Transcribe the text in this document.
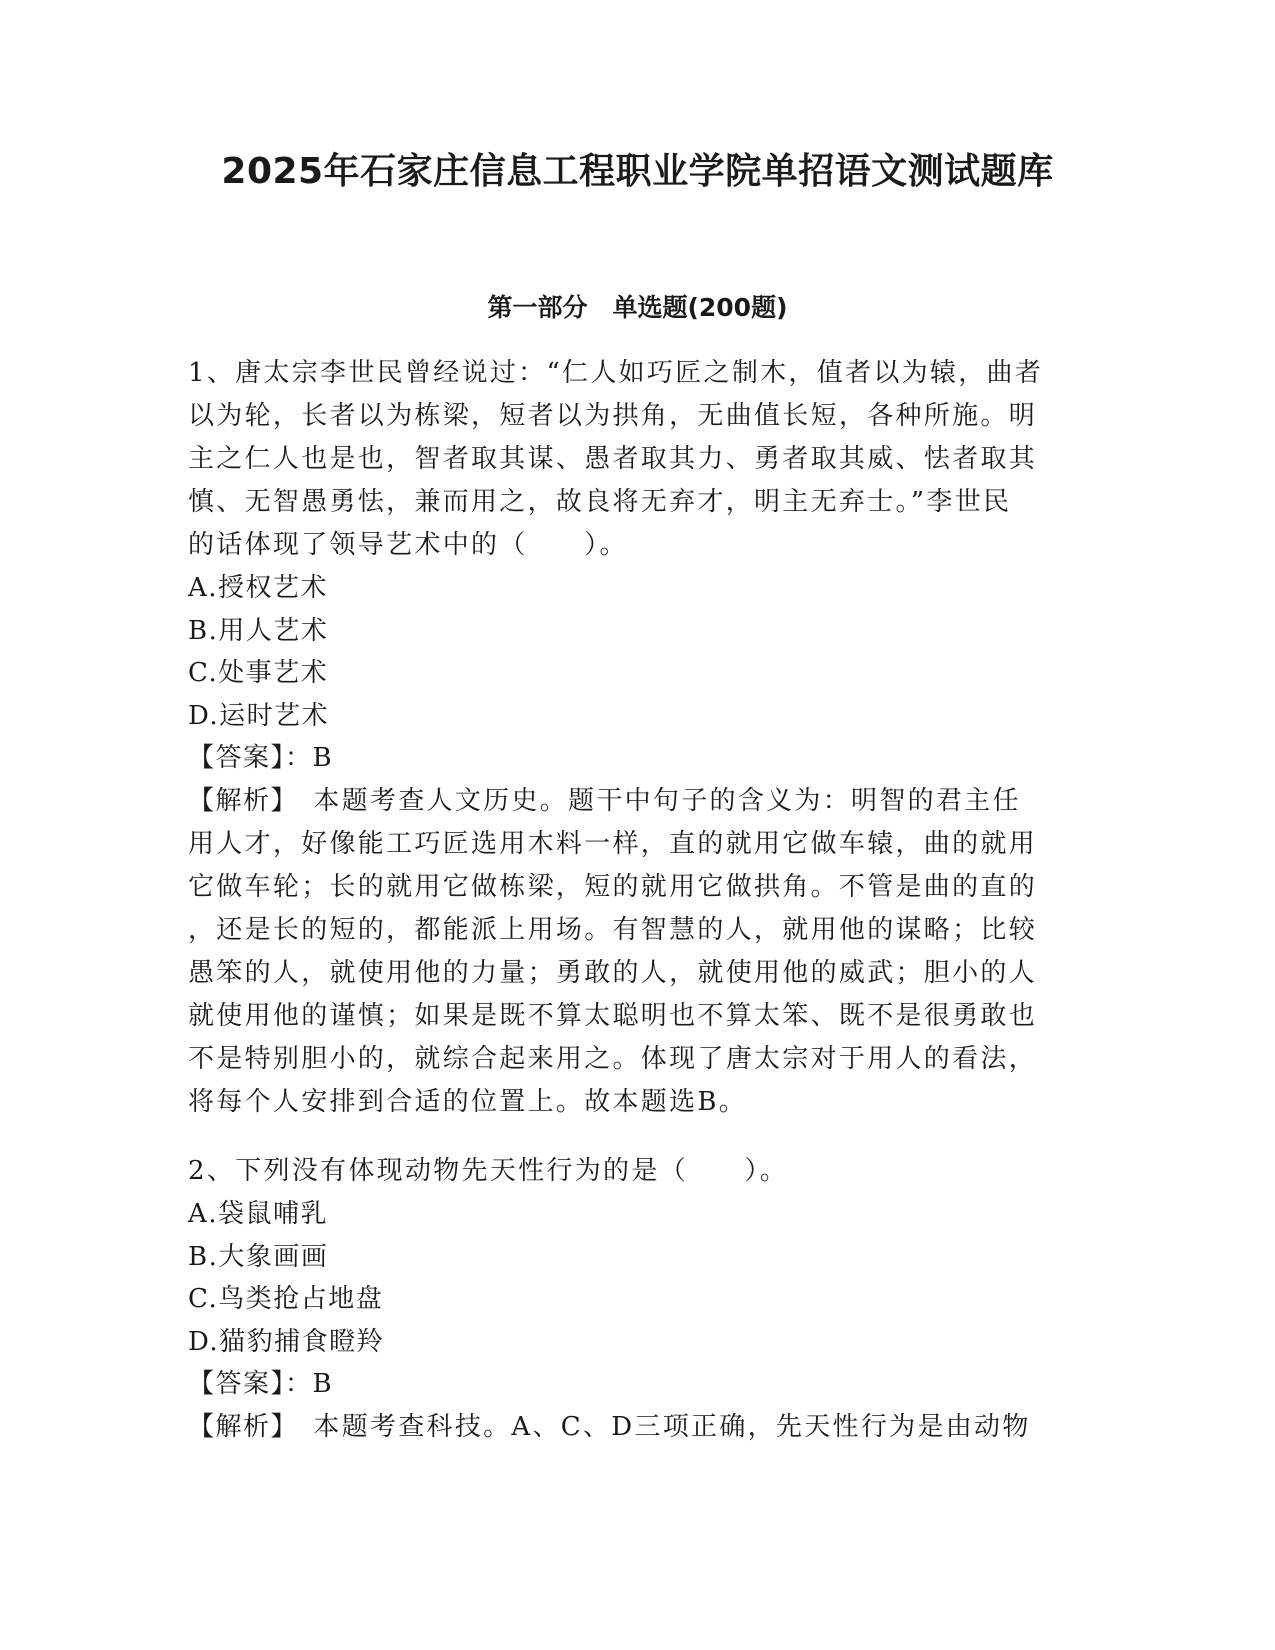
2025年石家庄信息工程职业学院单招语文测试题库
第一部分　单选题(200题)
1、唐太宗李世民曾经说过：“仁人如巧匠之制木，值者以为辕，曲者
以为轮，长者以为栋梁，短者以为拱角，无曲值长短，各种所施。明
主之仁人也是也，智者取其谋、愚者取其力、勇者取其威、怯者取其
慎、无智愚勇怯，兼而用之，故良将无弃才，明主无弃士。”李世民
的话体现了领导艺术中的（　　）。
A.授权艺术
B.用人艺术
C.处事艺术
D.运时艺术
【答案】：B
【解析】　本题考查人文历史。题干中句子的含义为：明智的君主任
用人才，好像能工巧匠选用木料一样，直的就用它做车辕，曲的就用
它做车轮；长的就用它做栋梁，短的就用它做拱角。不管是曲的直的
，还是长的短的，都能派上用场。有智慧的人，就用他的谋略；比较
愚笨的人，就使用他的力量；勇敢的人，就使用他的威武；胆小的人
就使用他的谨慎；如果是既不算太聪明也不算太笨、既不是很勇敢也
不是特别胆小的，就综合起来用之。体现了唐太宗对于用人的看法，
将每个人安排到合适的位置上。故本题选B。
2、下列没有体现动物先天性行为的是（　　）。
A.袋鼠哺乳
B.大象画画
C.鸟类抢占地盘
D.猫豹捕食瞪羚
【答案】：B
【解析】　本题考查科技。A、C、D三项正确，先天性行为是由动物
